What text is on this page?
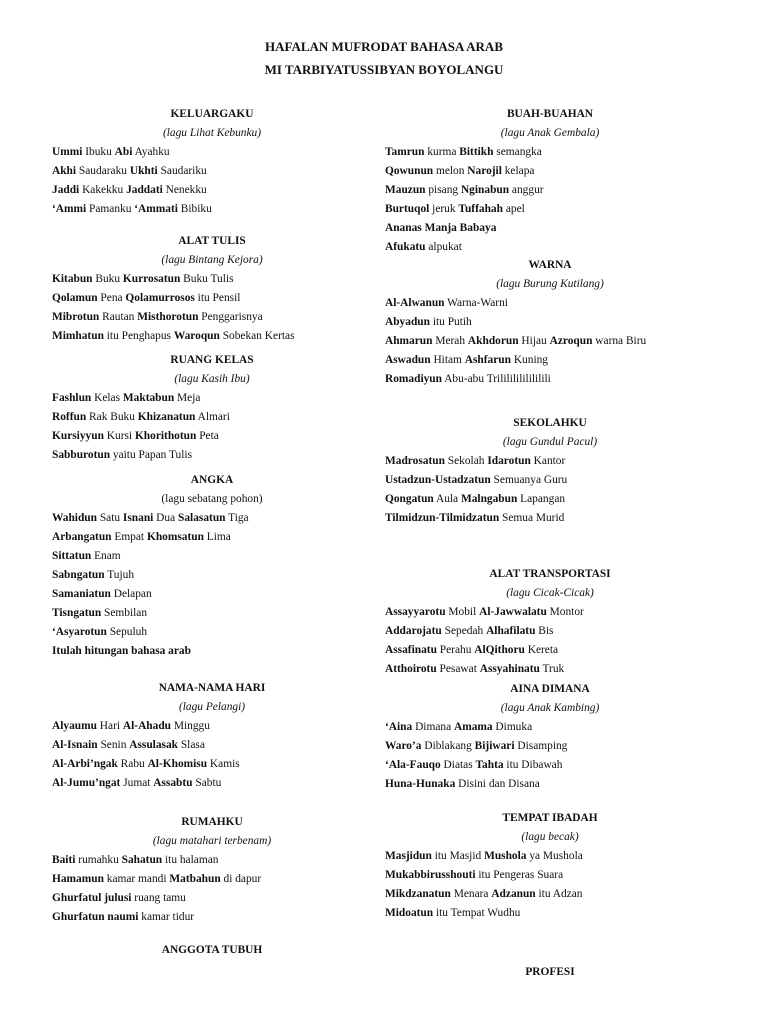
HAFALAN MUFRODAT BAHASA ARAB
MI TARBIYATUSSIBYAN BOYOLANGU
KELUARGAKU
(lagu Lihat Kebunku)
Ummi Ibuku Abi Ayahku
Akhi Saudaraku Ukhti Saudariku
Jaddi Kakekku Jaddati Nenekku
‘Ammi Pamanku ‘Ammati Bibiku
ALAT TULIS
(lagu Bintang Kejora)
Kitabun Buku Kurrosatun Buku Tulis
Qolamun Pena Qolamurrosos itu Pensil
Mibrotun Rautan Misthorotun Penggarisnya
Mimhatun itu Penghapus Waroqun Sobekan Kertas
RUANG KELAS
(lagu Kasih Ibu)
Fashlun Kelas Maktabun Meja
Roffun Rak Buku Khizanatun Almari
Kursiyyun Kursi Khorithotun Peta
Sabburotun yaitu Papan Tulis
ANGKA
(lagu sebatang pohon)
Wahidun Satu Isnani Dua Salasatun Tiga
Arbangatun Empat Khomsatun Lima
Sittatun Enam
Sabngatun Tujuh
Samaniatun Delapan
Tisngatun Sembilan
‘Asyarotun Sepuluh
Itulah hitungan bahasa arab
NAMA-NAMA HARI
(lagu Pelangi)
Alyaumu Hari Al-Ahadu Minggu
Al-Isnain Senin Assulasak Slasa
Al-Arbi’ngak Rabu Al-Khomisu Kamis
Al-Jumu’ngat Jumat Assabtu Sabtu
RUMAHKU
(lagu matahari terbenam)
Baiti rumahku Sahatun itu halaman
Hamamun kamar mandi Matbahun di dapur
Ghurfatul julusi ruang tamu
Ghurfatun naumi kamar tidur
ANGGOTA TUBUH
BUAH-BUAHAN
(lagu Anak Gembala)
Tamrun kurma Bittikh semangka
Qowunun melon Narojil kelapa
Mauzun pisang Nginabun anggur
Burtuqol jeruk Tuffahah apel
Ananas Manja Babaya
Afukatu alpukat
WARNA
(lagu Burung Kutilang)
Al-Alwanun Warna-Warni
Abyadun itu Putih
Ahmarun Merah Akhdorun Hijau Azroqun warna Biru
Aswadun Hitam Ashfarun Kuning
Romadiyun Abu-abu Trilililililililili
SEKOLAHKU
(lagu Gundul Pacul)
Madrosatun Sekolah Idarotun Kantor
Ustadzun-Ustadzatun Semuanya Guru
Qongatun Aula Malngabun Lapangan
Tilmidzun-Tilmidzatun Semua Murid
ALAT TRANSPORTASI
(lagu Cicak-Cicak)
Assayyarotu Mobil Al-Jawwalatu Montor
Addarojatu Sepedah Alhafilatu Bis
Assafinatu Perahu AlQithoru Kereta
Atthoirotu Pesawat Assyahinatu Truk
AINA DIMANA
(lagu Anak Kambing)
‘Aina Dimana Amama Dimuka
Waro’a Diblakang Bijiwari Disamping
‘Ala-Fauqo Diatas Tahta itu Dibawah
Huna-Hunaka Disini dan Disana
TEMPAT IBADAH
(lagu becak)
Masjidun itu Masjid Mushola ya Mushola
Mukabbirusshouti itu Pengeras Suara
Mikdzanatun Menara Adzanun itu Adzan
Midoatun itu Tempat Wudhu
PROFESI
